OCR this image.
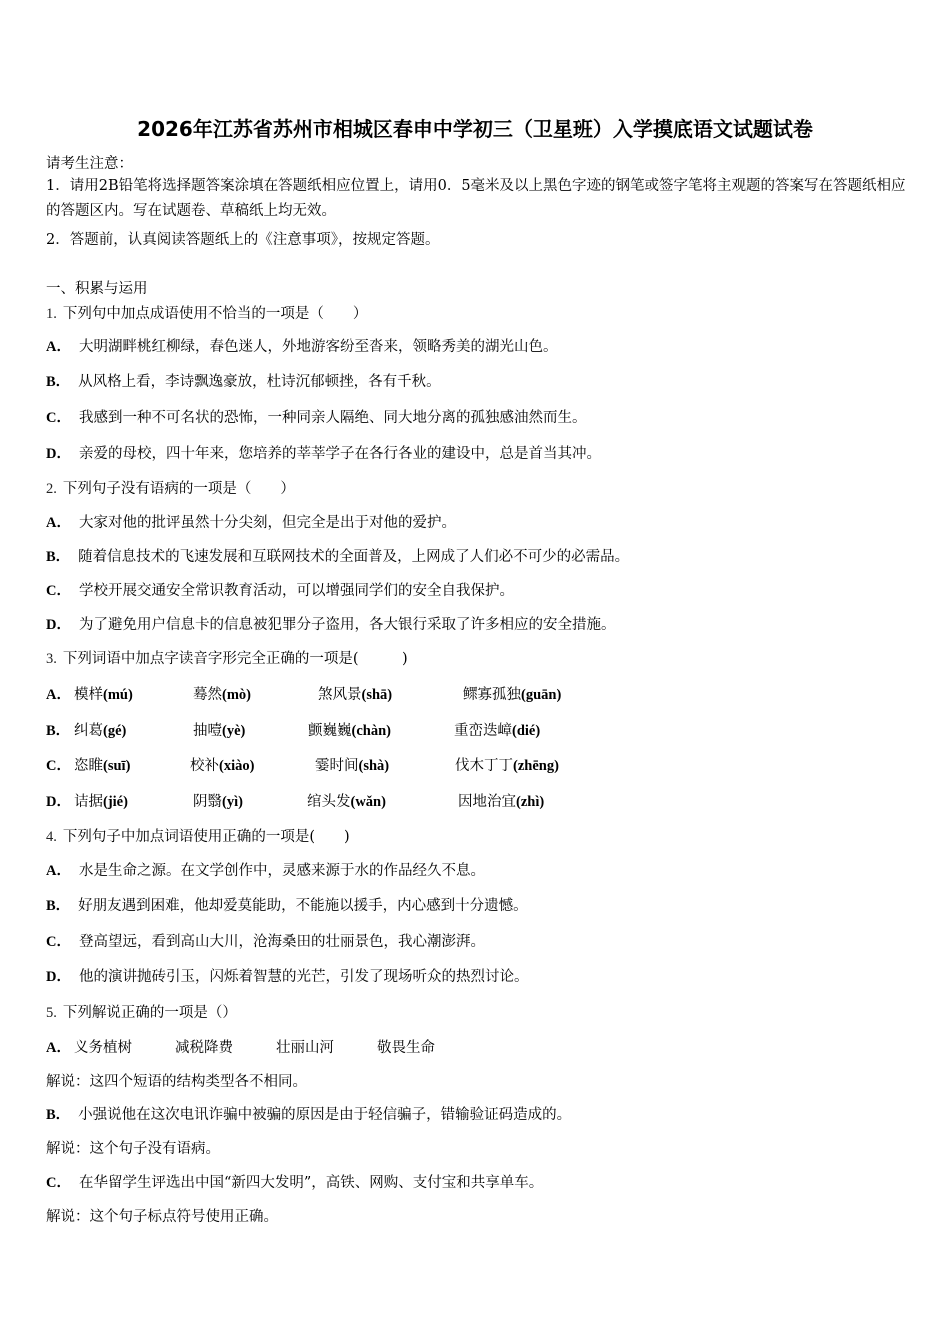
2026年江苏省苏州市相城区春申中学初三（卫星班）入学摸底语文试题试卷
请考生注意：
1．请用2B铅笔将选择题答案涂填在答题纸相应位置上，请用0．5毫米及以上黑色字迹的钢笔或签字笔将主观题的答案写在答题纸相应的答题区内。写在试题卷、草稿纸上均无效。
2．答题前，认真阅读答题纸上的《注意事项》，按规定答题。
一、积累与运用
1. 下列句中加点成语使用不恰当的一项是（　　）
A． 大明湖畔桃红柳绿，春色迷人，外地游客纷至沓来，领略秀美的湖光山色。
B． 从风格上看，李诗飘逸豪放，杜诗沉郁顿挫，各有千秋。
C． 我感到一种不可名状的恐怖，一种同亲人隔绝、同大地分离的孤独感油然而生。
D． 亲爱的母校，四十年来，您培养的莘莘学子在各行各业的建设中，总是首当其冲。
2. 下列句子没有语病的一项是（　　）
A． 大家对他的批评虽然十分尖刻，但完全是出于对他的爱护。
B． 随着信息技术的飞速发展和互联网技术的全面普及，上网成了人们必不可少的必需品。
C． 学校开展交通安全常识教育活动，可以增强同学们的安全自我保护。
D． 为了避免用户信息卡的信息被犯罪分子盗用，各大银行采取了许多相应的安全措施。
3. 下列词语中加点字读音字形完全正确的一项是(　　　)
A． 模样(mú)	蓦然(mò)	煞风景(shā)	鳏寡孤独(guān)
B． 纠葛(gé)	抽噎(yè)	颤巍巍(chàn)	重峦迭嶂(dié)
C． 恣睢(suī)	校补(xiào)	霎时间(shà)	伐木丁丁(zhēng)
D． 诘据(jié)	阴翳(yì)	绾头发(wǎn)	因地治宜(zhì)
4. 下列句子中加点词语使用正确的一项是(　　)
A． 水是生命之源。在文学创作中，灵感来源于水的作品经久不息。
B． 好朋友遇到困难，他却爱莫能助，不能施以援手，内心感到十分遗憾。
C． 登高望远，看到高山大川，沧海桑田的壮丽景色，我心潮澎湃。
D． 他的演讲抛砖引玉，闪烁着智慧的光芒，引发了现场听众的热烈讨论。
5. 下列解说正确的一项是（）
A． 义务植树	减税降费	壮丽山河	敬畏生命
解说：这四个短语的结构类型各不相同。
B． 小强说他在这次电讯诈骗中被骗的原因是由于轻信骗子，错输验证码造成的。
解说：这个句子没有语病。
C． 在华留学生评选出中国“新四大发明”，高铁、网购、支付宝和共享单车。
解说：这个句子标点符号使用正确。
